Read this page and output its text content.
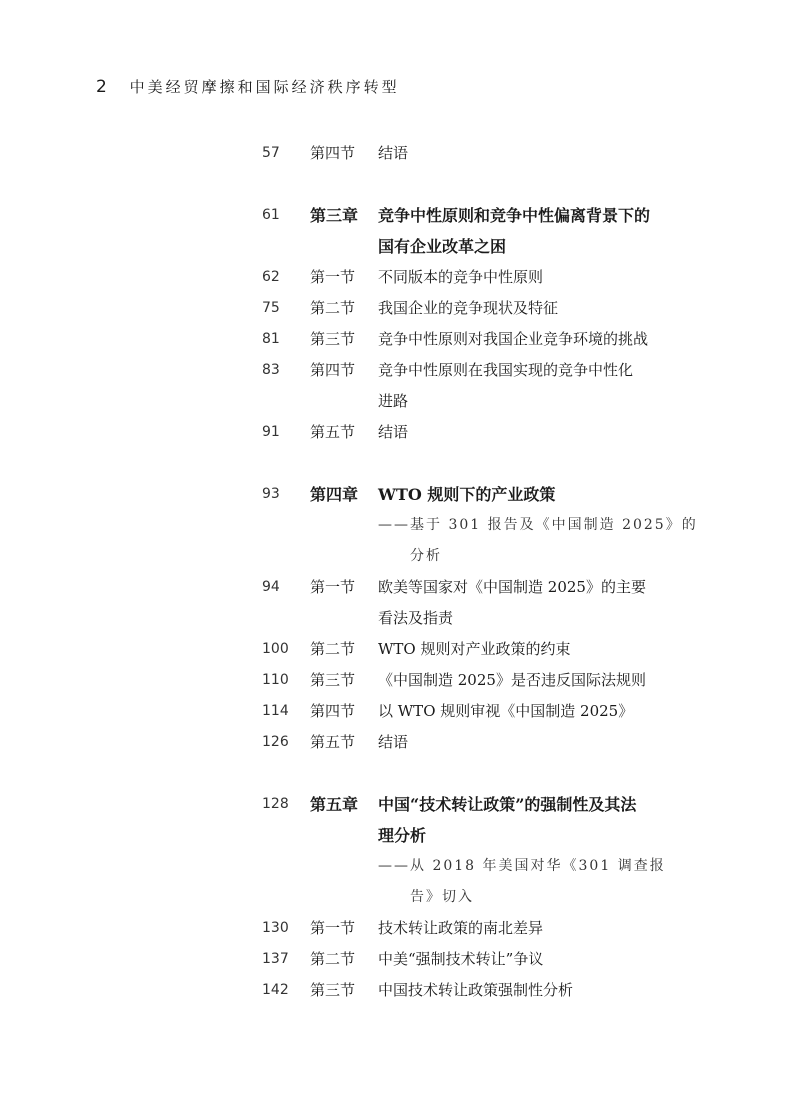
2 中美经贸摩擦和国际经济秩序转型
57	第四节	结语
61	第三章	竞争中性原则和竞争中性偏离背景下的
国有企业改革之困
62	第一节	不同版本的竞争中性原则
75	第二节	我国企业的竞争现状及特征
81	第三节	竞争中性原则对我国企业竞争环境的挑战
83	第四节	竞争中性原则在我国实现的竞争中性化
进路
91	第五节	结语
93	第四章	WTO 规则下的产业政策
——基于 301 报告及《中国制造 2025》的
分析
94	第一节	欧美等国家对《中国制造 2025》的主要
看法及指责
100	第二节	WTO 规则对产业政策的约束
110	第三节	《中国制造 2025》是否违反国际法规则
114	第四节	以 WTO 规则审视《中国制造 2025》
126	第五节	结语
128	第五章	中国“技术转让政策”的强制性及其法
理分析
——从 2018 年美国对华《301 调查报
告》切入
130	第一节	技术转让政策的南北差异
137	第二节	中美“强制技术转让”争议
142	第三节	中国技术转让政策强制性分析
